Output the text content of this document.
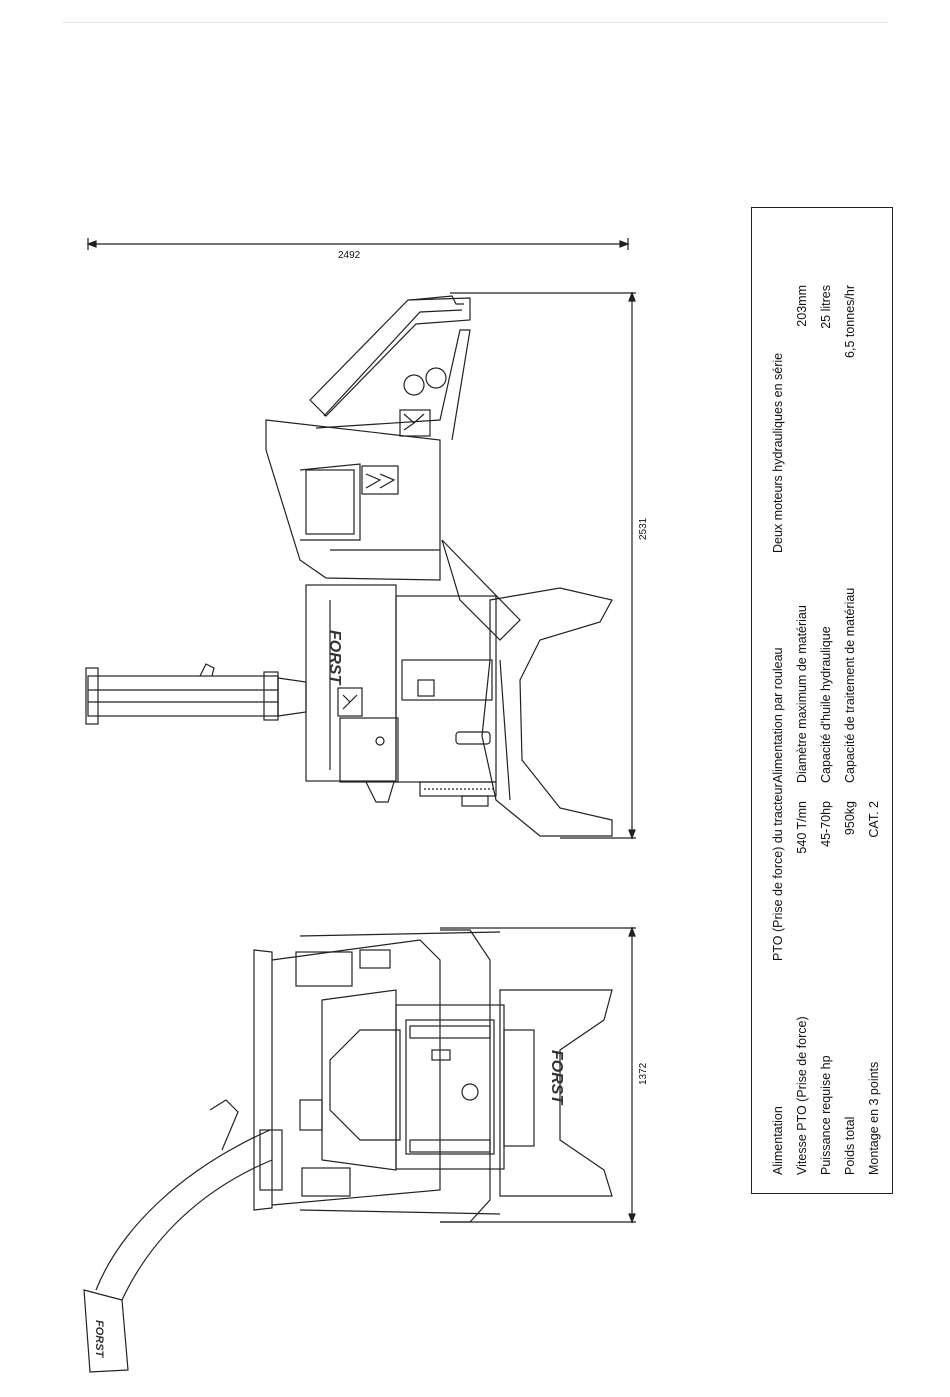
2492
2531
1372
FORST
FORST
FORST
Alimentation Vitesse PTO (Prise de force) Puissance requise hp Poids total Montage en 3 points
PTO (Prise de force) du tracteur 540 T/mn 45-70hp 950kg CAT. 2
Alimentation par rouleau Diamètre maximum de matériau Capacité d'huile hydraulique Capacité de traitement de matériau
Deux moteurs hydrauliques en série
203mm 25 litres 6,5 tonnes/hr
